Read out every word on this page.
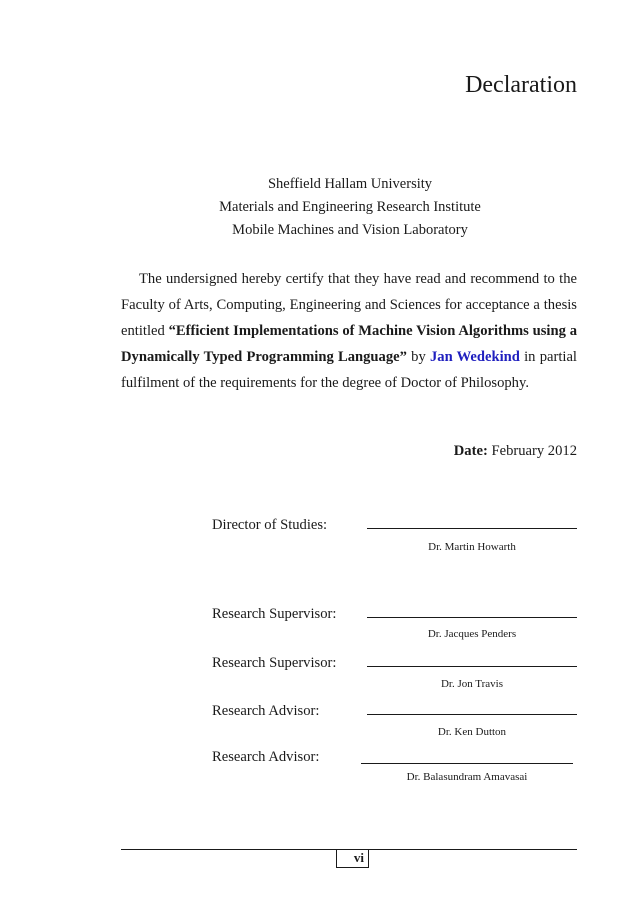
Declaration
Sheffield Hallam University
Materials and Engineering Research Institute
Mobile Machines and Vision Laboratory

The undersigned hereby certify that they have read and recommend to the Faculty of Arts, Computing, Engineering and Sciences for acceptance a thesis entitled “Efficient Implementations of Machine Vision Algorithms using a Dynamically Typed Programming Language” by Jan Wedekind in partial fulfilment of the requirements for the degree of Doctor of Philosophy.

Date: February 2012
Director of Studies:
Dr. Martin Howarth
Research Supervisor:
Dr. Jacques Penders
Research Supervisor:
Dr. Jon Travis
Research Advisor:
Dr. Ken Dutton
Research Advisor:
Dr. Balasundram Amavasai
vi
